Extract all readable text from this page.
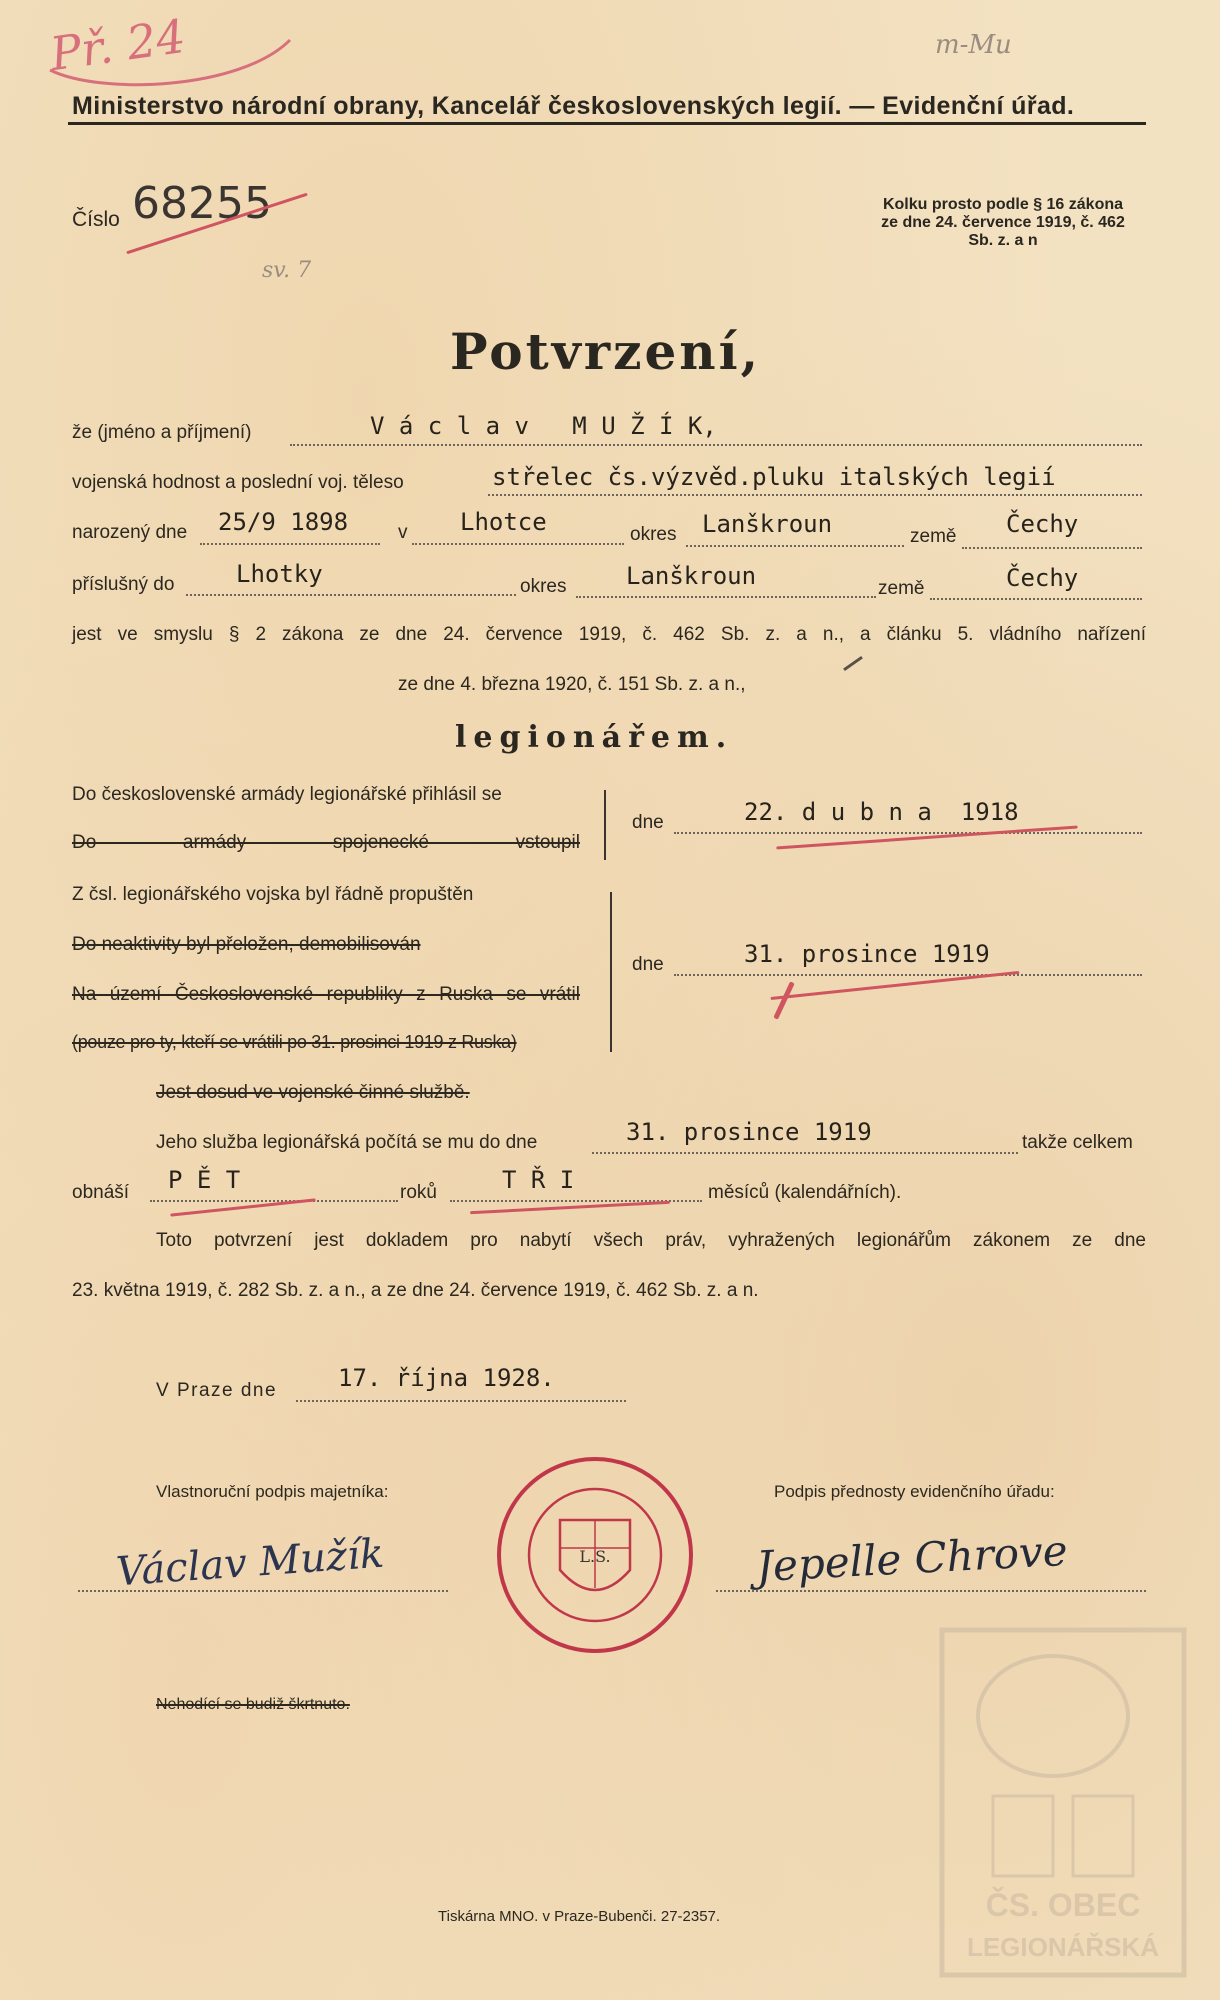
Př. 24	m-Mu
Ministerstvo národní obrany, Kancelář československých legií. — Evidenční úřad.
Číslo 68255
sv. 7
Kolku prosto podle § 16 zákona
ze dne 24. července 1919, č. 462
Sb. z. a n
Potvrzení,
že (jméno a příjmení)	V á c l a v   M U Ž Í K,
vojenská hodnost a poslední voj. těleso	střelec čs.výzvěd.pluku italských legií
narozený dne 25/9 1898	v Lhotce	okres Lanškroun	země Čechy
příslušný do	Lhotky	okres Lanškroun	země	Čechy
jest ve smyslu § 2 zákona ze dne 24. července 1919, č. 462 Sb. z. a n., a článku 5. vládního nařízení
ze dne 4. března 1920, č. 151 Sb. z. a n.,
legionářem.
Do československé armády legionářské přihlásil se
Do armády spojenecké vstoupil
dne	22. d u b n a  1918
Z čsl. legionářského vojska byl řádně propuštěn
Do neaktivity byl přeložen, demobilisován
Na území Československé republiky z Ruska se vrátil
(pouze pro ty, kteří se vrátili po 31. prosinci 1919 z Ruska)
dne	31. prosince 1919
Jest dosud ve vojenské činné službě.
Jeho služba legionářská počítá se mu do dne	31. prosince 1919	takže celkem
obnáší P Ě T	roků	T Ř I	měsíců (kalendářních).
Toto potvrzení jest dokladem pro nabytí všech práv, vyhražených legionářům zákonem ze dne
23. května 1919, č. 282 Sb. z. a n., a ze dne 24. července 1919, č. 462 Sb. z. a n.
V Praze dne	17. října 1928.
Vlastnoruční podpis majetníka:	Podpis přednosty evidenčního úřadu:
Václav Mužík	Jepelle Chrove
L.S.
Nehodící se budiž škrtnuto.
Tiskárna MNO. v Praze-Bubenči. 27-2357.	ČS. OBEC
LEGIONÁŘSKÁ
